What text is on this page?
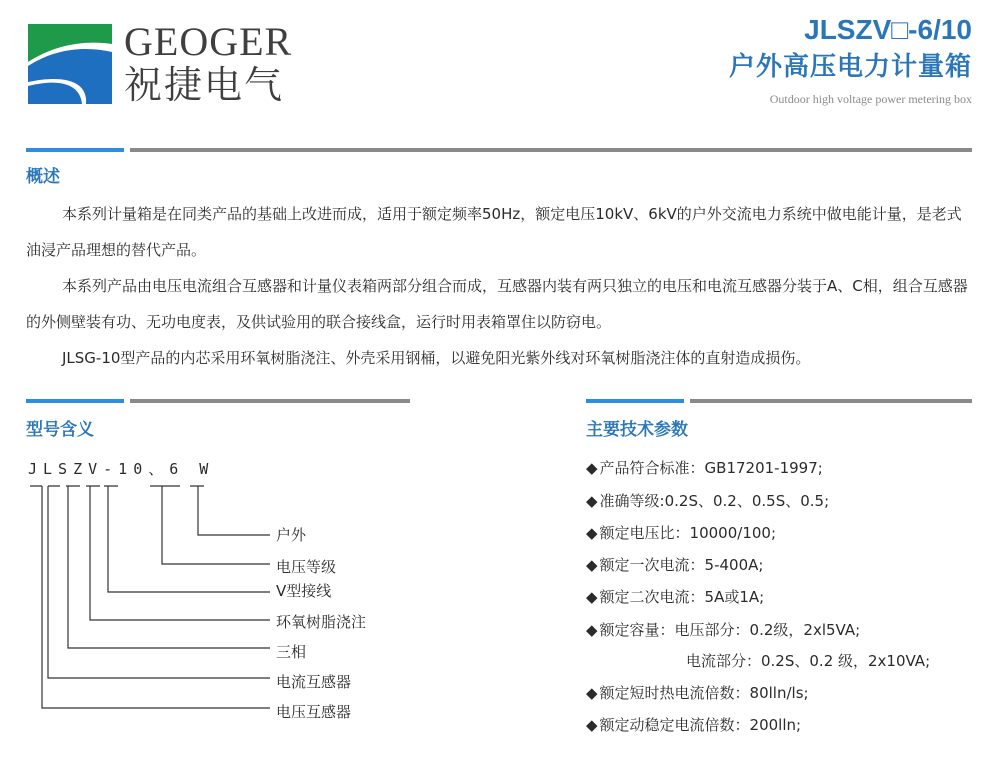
GEOGER
祝捷电气
JLSZV□-6/10
户外高压电力计量箱
Outdoor high voltage power metering box
概述
本系列计量箱是在同类产品的基础上改进而成，适用于额定频率50Hz，额定电压10kV、6kV的户外交流电力系统中做电能计量，是老式油浸产品理想的替代产品。
本系列产品由电压电流组合互感器和计量仪表箱两部分组合而成，互感器内装有两只独立的电压和电流互感器分装于A、C相，组合互感器的外侧壁装有功、无功电度表，及供试验用的联合接线盒，运行时用表箱罩住以防窃电。
JLSG-10型产品的内芯采用环氧树脂浇注、外壳采用钢桶，以避免阳光紫外线对环氧树脂浇注体的直射造成损伤。
型号含义
JLSZV-10、6 W
户外
电压等级
V型接线
环氧树脂浇注
三相
电流互感器
电压互感器
主要技术参数
◆ 产品符合标准：GB17201-1997;
◆ 准确等级:0.2S、0.2、0.5S、0.5;
◆ 额定电压比：10000/100;
◆ 额定一次电流：5-400A;
◆ 额定二次电流：5A或1A;
◆ 额定容量：电压部分：0.2级，2xl5VA;
电流部分：0.2S、0.2 级，2x10VA;
◆ 额定短时热电流倍数：80lln/ls;
◆ 额定动稳定电流倍数：200lln;
